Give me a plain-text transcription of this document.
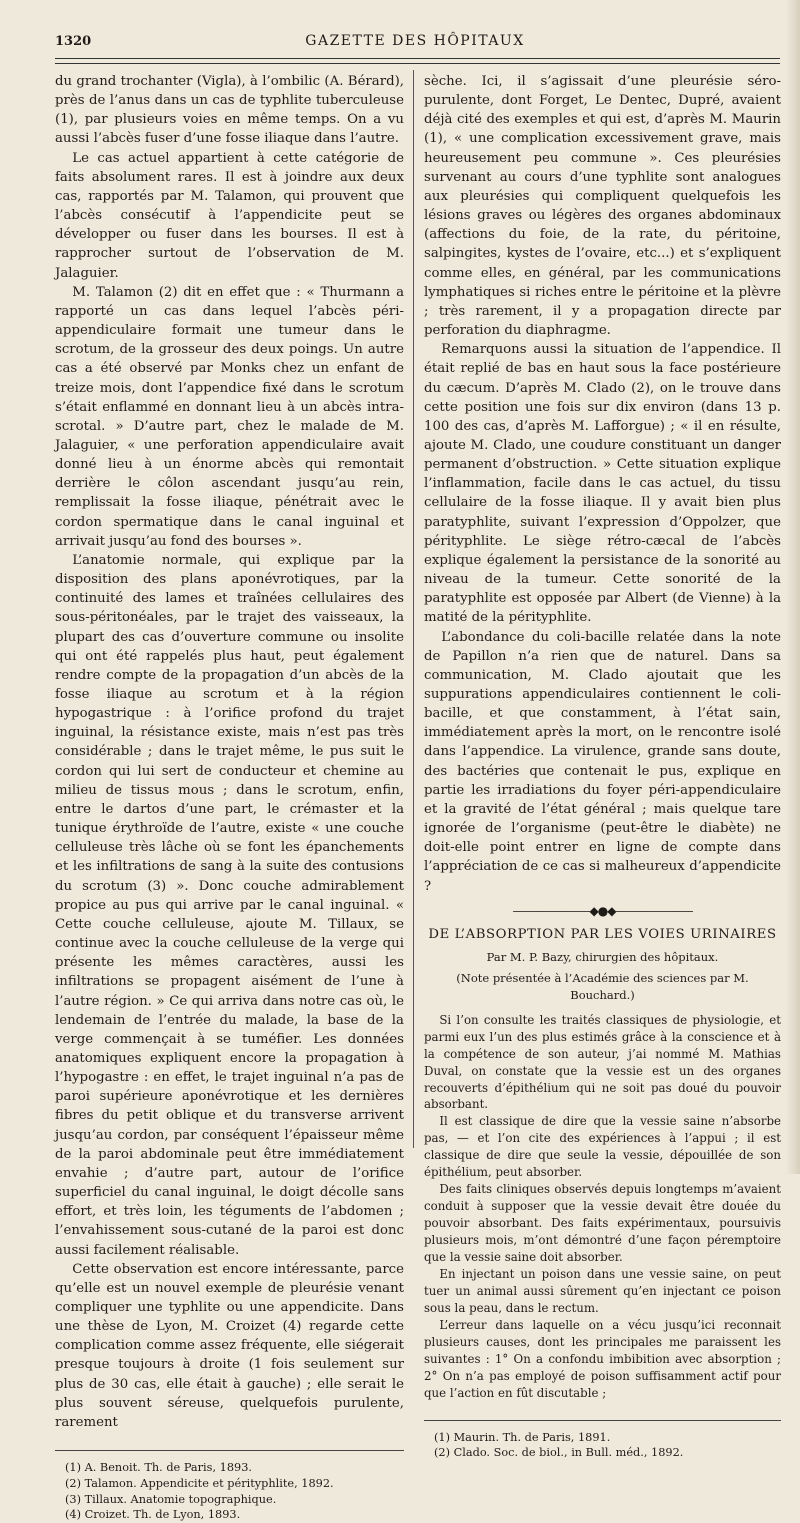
1320	GAZETTE DES HÔPITAUX

du grand trochanter (Vigla), à l’ombilic (A. Bérard), près de l’anus dans un cas de typhlite tuberculeuse (1), par plusieurs voies en même temps. On a vu aussi l’abcès fuser d’une fosse iliaque dans l’autre.

Le cas actuel appartient à cette catégorie de faits absolument rares. Il est à joindre aux deux cas, rapportés par M. Talamon, qui prouvent que l’abcès consécutif à l’appendicite peut se développer ou fuser dans les bourses. Il est à rapprocher surtout de l’observation de M. Jalaguier.

M. Talamon (2) dit en effet que : « Thurmann a rapporté un cas dans lequel l’abcès péri-appendiculaire formait une tumeur dans le scrotum, de la grosseur des deux poings. Un autre cas a été observé par Monks chez un enfant de treize mois, dont l’appendice fixé dans le scrotum s’était enflammé en donnant lieu à un abcès intra-scrotal. » D’autre part, chez le malade de M. Jalaguier, « une perforation appendiculaire avait donné lieu à un énorme abcès qui remontait derrière le côlon ascendant jusqu’au rein, remplissait la fosse iliaque, pénétrait avec le cordon spermatique dans le canal inguinal et arrivait jusqu’au fond des bourses ».

L’anatomie normale, qui explique par la disposition des plans aponévrotiques, par la continuité des lames et traînées cellulaires des sous-péritonéales, par le trajet des vaisseaux, la plupart des cas d’ouverture commune ou insolite qui ont été rappelés plus haut, peut également rendre compte de la propagation d’un abcès de la fosse iliaque au scrotum et à la région hypogastrique : à l’orifice profond du trajet inguinal, la résistance existe, mais n’est pas très considérable ; dans le trajet même, le pus suit le cordon qui lui sert de conducteur et chemine au milieu de tissus mous ; dans le scrotum, enfin, entre le dartos d’une part, le crémaster et la tunique érythroïde de l’autre, existe « une couche celluleuse très lâche où se font les épanchements et les infiltrations de sang à la suite des contusions du scrotum (3) ». Donc couche admirablement propice au pus qui arrive par le canal inguinal. « Cette couche celluleuse, ajoute M. Tillaux, se continue avec la couche celluleuse de la verge qui présente les mêmes caractères, aussi les infiltrations se propagent aisément de l’une à l’autre région. » Ce qui arriva dans notre cas où, le lendemain de l’entrée du malade, la base de la verge commençait à se tuméfier. Les données anatomiques expliquent encore la propagation à l’hypogastre : en effet, le trajet inguinal n’a pas de paroi supérieure aponévrotique et les dernières fibres du petit oblique et du transverse arrivent jusqu’au cordon, par conséquent l’épaisseur même de la paroi abdominale peut être immédiatement envahie ; d’autre part, autour de l’orifice superficiel du canal inguinal, le doigt décolle sans effort, et très loin, les téguments de l’abdomen ; l’envahissement sous-cutané de la paroi est donc aussi facilement réalisable.

Cette observation est encore intéressante, parce qu’elle est un nouvel exemple de pleurésie venant compliquer une typhlite ou une appendicite. Dans une thèse de Lyon, M. Croizet (4) regarde cette complication comme assez fréquente, elle siégerait presque toujours à droite (1 fois seulement sur plus de 30 cas, elle était à gauche) ; elle serait le plus souvent séreuse, quelquefois purulente, rarement

(1) A. Benoit. Th. de Paris, 1893.
(2) Talamon. Appendicite et pérityphlite, 1892.
(3) Tillaux. Anatomie topographique.
(4) Croizet. Th. de Lyon, 1893.

sèche. Ici, il s’agissait d’une pleurésie séro-purulente, dont Forget, Le Dentec, Dupré, avaient déjà cité des exemples et qui est, d’après M. Maurin (1), « une complication excessivement grave, mais heureusement peu commune ». Ces pleurésies survenant au cours d’une typhlite sont analogues aux pleurésies qui compliquent quelquefois les lésions graves ou légères des organes abdominaux (affections du foie, de la rate, du péritoine, salpingites, kystes de l’ovaire, etc...) et s’expliquent comme elles, en général, par les communications lymphatiques si riches entre le péritoine et la plèvre ; très rarement, il y a propagation directe par perforation du diaphragme.

Remarquons aussi la situation de l’appendice. Il était replié de bas en haut sous la face postérieure du cæcum. D’après M. Clado (2), on le trouve dans cette position une fois sur dix environ (dans 13 p. 100 des cas, d’après M. Lafforgue) ; « il en résulte, ajoute M. Clado, une coudure constituant un danger permanent d’obstruction. » Cette situation explique l’inflammation, facile dans le cas actuel, du tissu cellulaire de la fosse iliaque. Il y avait bien plus paratyphlite, suivant l’expression d’Oppolzer, que pérityphlite. Le siège rétro-cæcal de l’abcès explique également la persistance de la sonorité au niveau de la tumeur. Cette sonorité de la paratyphlite est opposée par Albert (de Vienne) à la matité de la pérityphlite.

L’abondance du coli-bacille relatée dans la note de Papillon n’a rien que de naturel. Dans sa communication, M. Clado ajoutait que les suppurations appendiculaires contiennent le coli-bacille, et que constamment, à l’état sain, immédiatement après la mort, on le rencontre isolé dans l’appendice. La virulence, grande sans doute, des bactéries que contenait le pus, explique en partie les irradiations du foyer péri-appendiculaire et la gravité de l’état général ; mais quelque tare ignorée de l’organisme (peut-être le diabète) ne doit-elle point entrer en ligne de compte dans l’appréciation de ce cas si malheureux d’appendicite ?

———————◆●◆———————
DE L’ABSORPTION PAR LES VOIES URINAIRES
Par M. P. Bazy, chirurgien des hôpitaux.
(Note présentée à l’Académie des sciences par M. Bouchard.)

Si l’on consulte les traités classiques de physiologie, et parmi eux l’un des plus estimés grâce à la conscience et à la compétence de son auteur, j’ai nommé M. Mathias Duval, on constate que la vessie est un des organes recouverts d’épithélium qui ne soit pas doué du pouvoir absorbant.

Il est classique de dire que la vessie saine n’absorbe pas, — et l’on cite des expériences à l’appui ; il est classique de dire que seule la vessie, dépouillée de son épithélium, peut absorber.

Des faits cliniques observés depuis longtemps m’avaient conduit à supposer que la vessie devait être douée du pouvoir absorbant. Des faits expérimentaux, poursuivis plusieurs mois, m’ont démontré d’une façon péremptoire que la vessie saine doit absorber.

En injectant un poison dans une vessie saine, on peut tuer un animal aussi sûrement qu’en injectant ce poison sous la peau, dans le rectum.

L’erreur dans laquelle on a vécu jusqu’ici reconnait plusieurs causes, dont les principales me paraissent les suivantes : 1° On a confondu imbibition avec absorption ; 2° On n’a pas employé de poison suffisamment actif pour que l’action en fût discutable ;

(1) Maurin. Th. de Paris, 1891.
(2) Clado. Soc. de biol., in Bull. méd., 1892.
